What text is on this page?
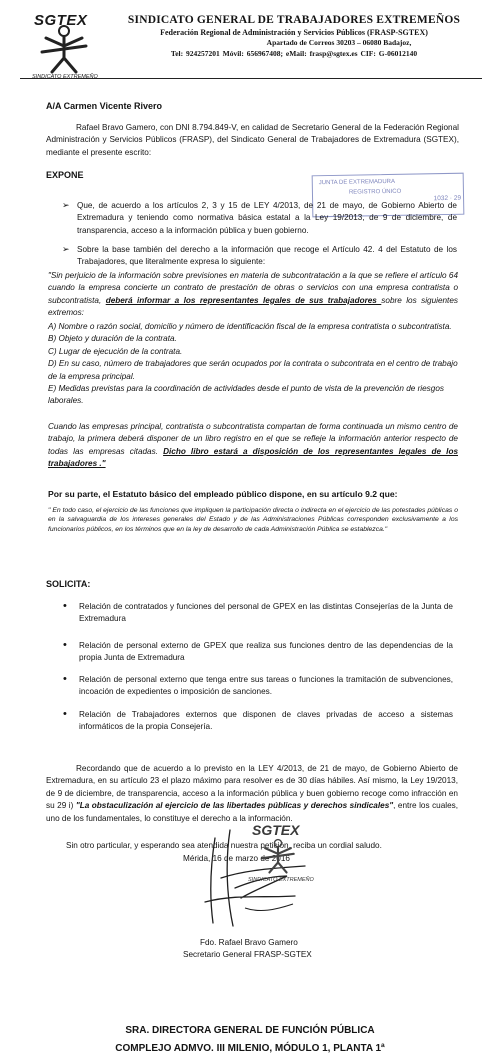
SGTEX
SINDICATO EXTREMEÑO
SINDICATO GENERAL DE TRABAJADORES EXTREMEÑOS
Federación Regional de Administración y Servicios Públicos (FRASP-SGTEX)
Apartado de Correos 30203 – 06080 Badajoz,
Tel: 924257201 Móvil: 656967408; eMail: frasp@sgtex.es CIF: G-06012140
A/A Carmen Vicente Rivero
Rafael Bravo Gamero, con DNI 8.794.849-V, en calidad de Secretario General de la Federación Regional Administración y Servicios Públicos (FRASP), del Sindicato General de Trabajadores de Extremadura (SGTEX), mediante el presente escrito:
EXPONE
JUNTA DE EXTREMADURA
REGISTRO ÚNICO
1032 · 29
➢ Que, de acuerdo a los artículos 2, 3 y 15 de LEY 4/2013, de 21 de mayo, de Gobierno Abierto de Extremadura y teniendo como normativa básica estatal a la Ley 19/2013, de 9 de diciembre, de transparencia, acceso a la información pública y buen gobierno.
➢ Sobre la base también del derecho a la información que recoge el Artículo 42. 4 del Estatuto de los Trabajadores, que literalmente expresa lo siguiente:
"Sin perjuicio de la información sobre previsiones en materia de subcontratación a la que se refiere el artículo 64 cuando la empresa concierte un contrato de prestación de obras o servicios con una empresa contratista o subcontratista, deberá informar a los representantes legales de sus trabajadores sobre los siguientes extremos:
A) Nombre o razón social, domicilio y número de identificación fiscal de la empresa contratista o subcontratista.
B) Objeto y duración de la contrata.
C) Lugar de ejecución de la contrata.
D) En su caso, número de trabajadores que serán ocupados por la contrata o subcontrata en el centro de trabajo de la empresa principal.
E) Medidas previstas para la coordinación de actividades desde el punto de vista de la prevención de riesgos laborales.
Cuando las empresas principal, contratista o subcontratista compartan de forma continuada un mismo centro de trabajo, la primera deberá disponer de un libro registro en el que se refleje la información anterior respecto de todas las empresas citadas. Dicho libro estará a disposición de los representantes legales de los trabajadores ."
Por su parte, el Estatuto básico del empleado público dispone, en su artículo 9.2 que:
" En todo caso, el ejercicio de las funciones que impliquen la participación directa o indirecta en el ejercicio de las potestades públicas o en la salvaguardia de los intereses generales del Estado y de las Administraciones Públicas corresponden exclusivamente a los funcionarios públicos, en los términos que en la ley de desarrollo de cada Administración Pública se establezca."
SOLICITA:
• Relación de contratados y funciones del personal de GPEX en las distintas Consejerías de la Junta de Extremadura
• Relación de personal externo de GPEX que realiza sus funciones dentro de las dependencias de la propia Junta de Extremadura
• Relación de personal externo que tenga entre sus tareas o funciones la tramitación de subvenciones, incoación de expedientes o imposición de sanciones.
• Relación de Trabajadores externos que disponen de claves privadas de acceso a sistemas informáticos de la propia Consejería.
Recordando que de acuerdo a lo previsto en la LEY 4/2013, de 21 de mayo, de Gobierno Abierto de Extremadura, en su artículo 23 el plazo máximo para resolver es de 30 días hábiles. Así mismo, la Ley 19/2013, de 9 de diciembre, de transparencia, acceso a la información pública y buen gobierno recoge como infracción en su 29 i) "La obstaculización al ejercicio de las libertades públicas y derechos sindicales", entre los cuales, uno de los fundamentales, lo constituye el derecho a la información.
Sin otro particular, y esperando sea atendida nuestra petición, reciba un cordial saludo.
Mérida, 16 de marzo de 2016
SGTEX
SINDICATO EXTREMEÑO
Fdo. Rafael Bravo Gamero
Secretario General FRASP-SGTEX
SRA. DIRECTORA GENERAL DE FUNCIÓN PÚBLICA
COMPLEJO ADMVO. III MILENIO, MÓDULO 1, PLANTA 1ª
